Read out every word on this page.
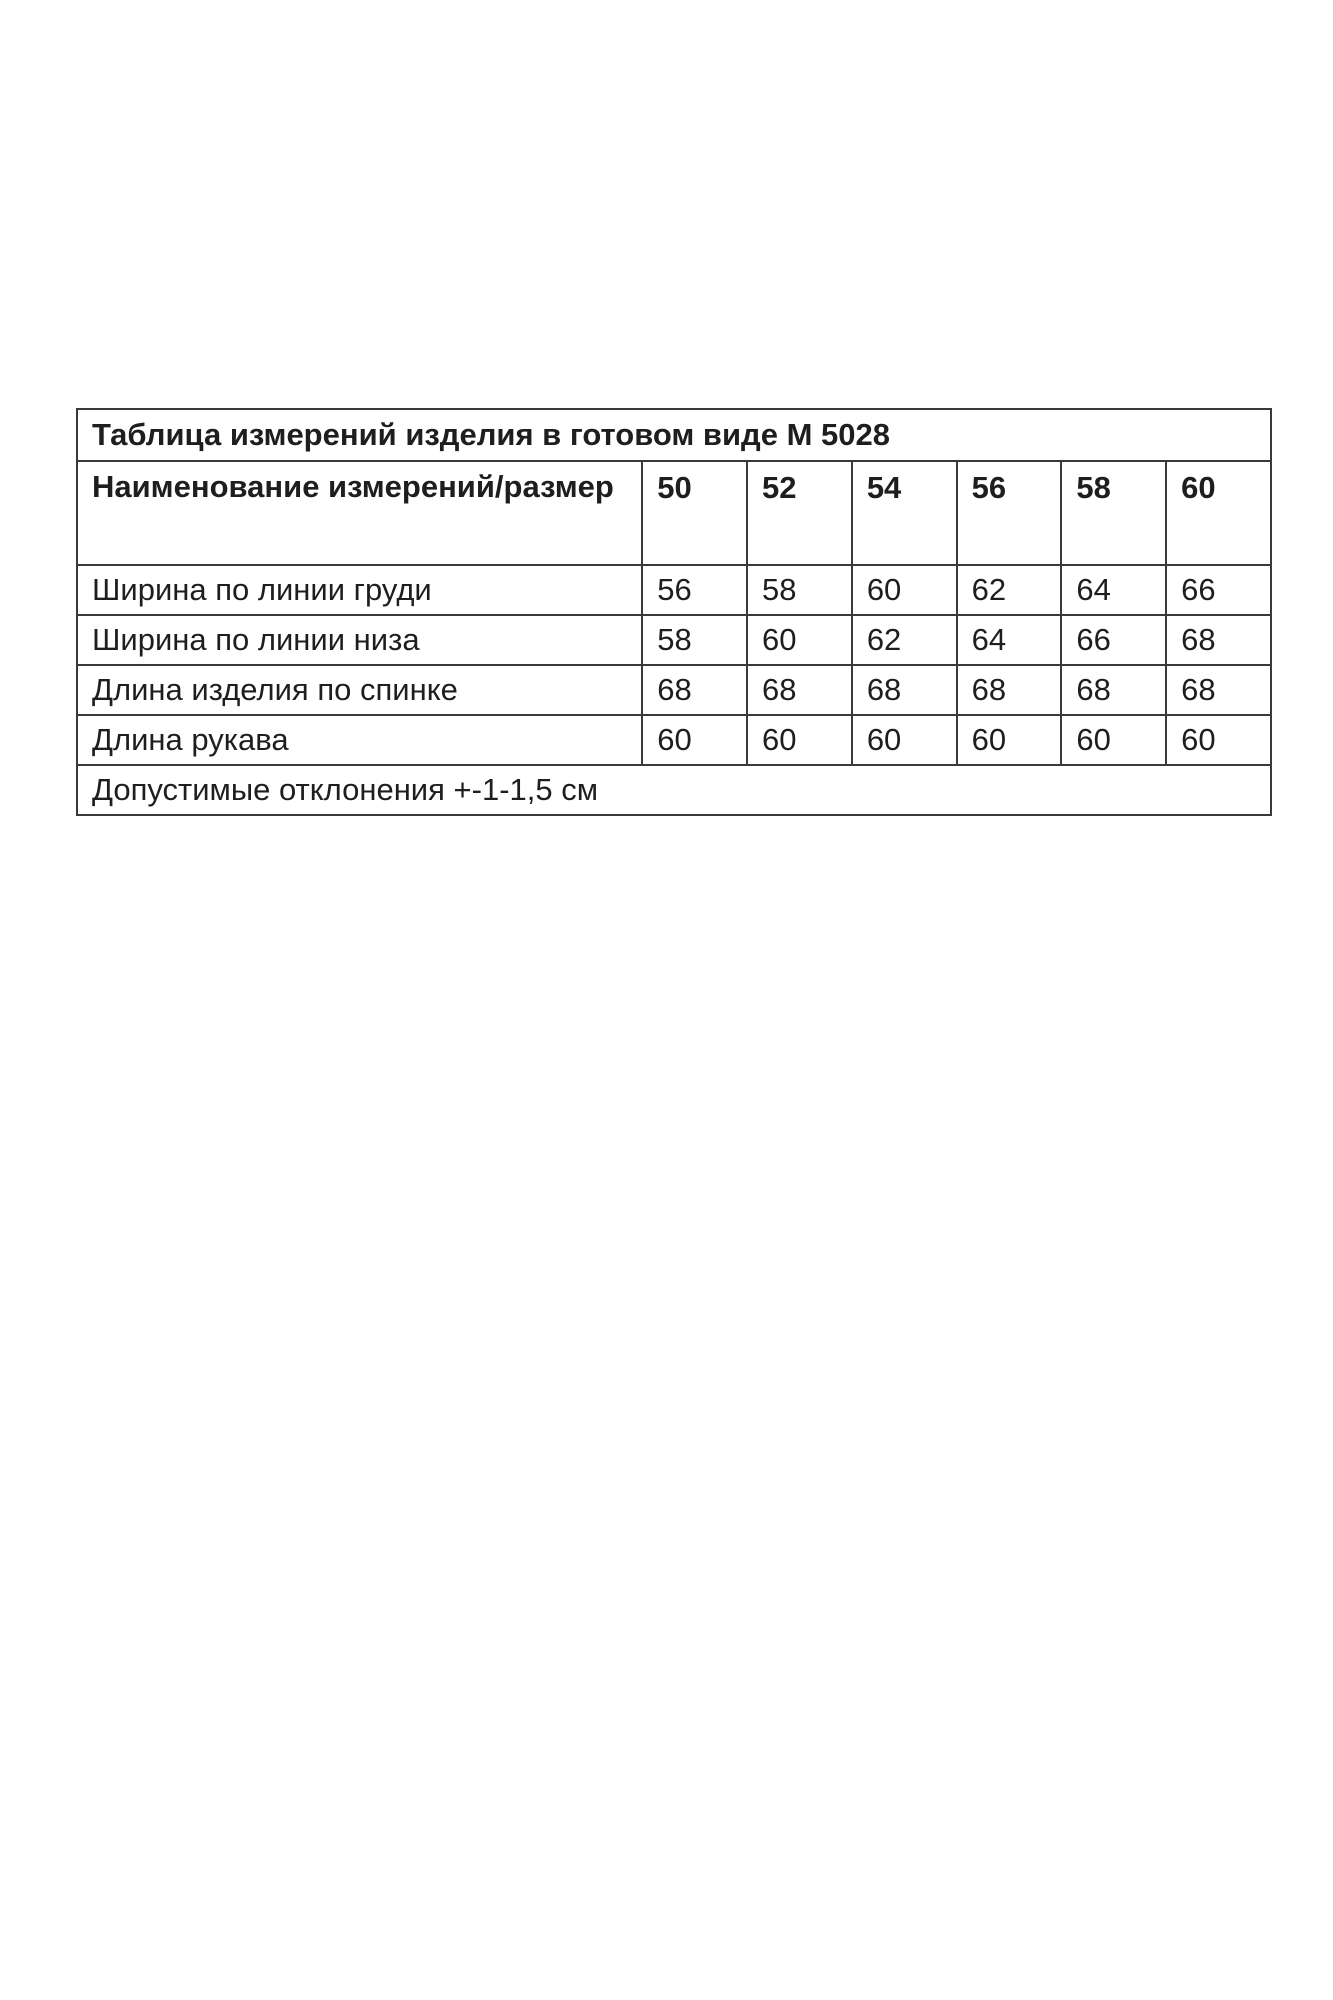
Таблица измерений изделия в готовом виде М 5028						
Наименование измерений/размер	50	52	54	56	58	60
Ширина по линии груди	56	58	60	62	64	66
Ширина по линии низа	58	60	62	64	66	68
Длина изделия по спинке	68	68	68	68	68	68
Длина рукава	60	60	60	60	60	60
Допустимые отклонения +-1-1,5 см						
